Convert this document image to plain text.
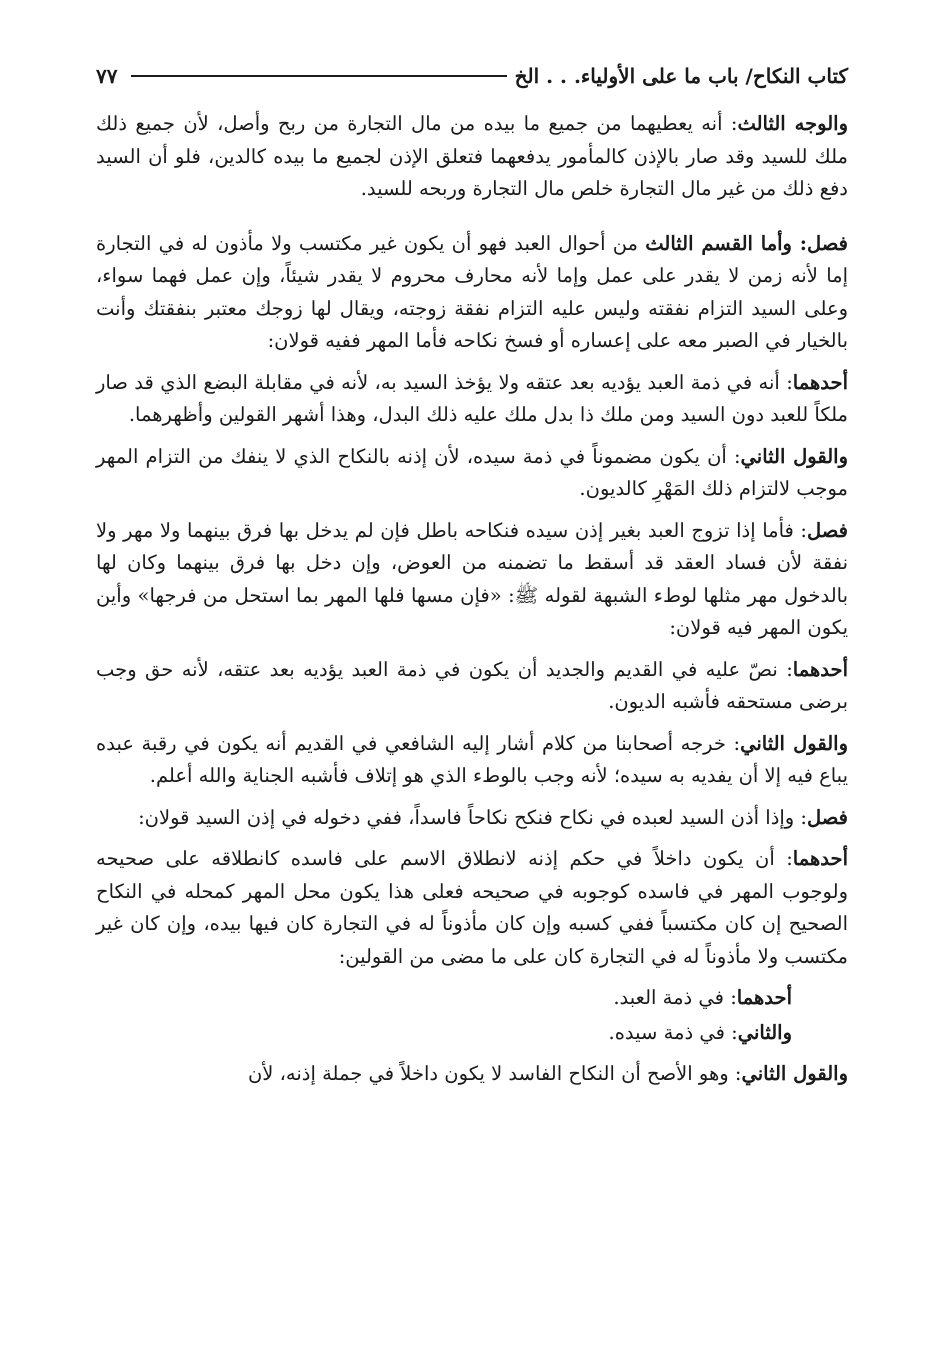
كتاب النكاح/ باب ما على الأولياء. . . الخ
٧٧

والوجه الثالث: أنه يعطيهما من جميع ما بيده من مال التجارة من ربح وأصل، لأن جميع ذلك ملك للسيد وقد صار بالإذن كالمأمور يدفعهما فتعلق الإذن لجميع ما بيده كالدين، فلو أن السيد دفع ذلك من غير مال التجارة خلص مال التجارة وربحه للسيد.

فصل: وأما القسم الثالث من أحوال العبد فهو أن يكون غير مكتسب ولا مأذون له في التجارة إما لأنه زمن لا يقدر على عمل وإما لأنه محارف محروم لا يقدر شيئاً، وإن عمل فهما سواء، وعلى السيد التزام نفقته وليس عليه التزام نفقة زوجته، ويقال لها زوجك معتبر بنفقتك وأنت بالخيار في الصبر معه على إعساره أو فسخ نكاحه فأما المهر ففيه قولان:

أحدهما: أنه في ذمة العبد يؤديه بعد عتقه ولا يؤخذ السيد به، لأنه في مقابلة البضع الذي قد صار ملكاً للعبد دون السيد ومن ملك ذا بدل ملك عليه ذلك البدل، وهذا أشهر القولين وأظهرهما.

والقول الثاني: أن يكون مضموناً في ذمة سيده، لأن إذنه بالنكاح الذي لا ينفك من التزام المهر موجب لالتزام ذلك المَهْرِ كالديون.

فصل: فأما إذا تزوج العبد بغير إذن سيده فنكاحه باطل فإن لم يدخل بها فرق بينهما ولا مهر ولا نفقة لأن فساد العقد قد أسقط ما تضمنه من العوض، وإن دخل بها فرق بينهما وكان لها بالدخول مهر مثلها لوطء الشبهة لقوله ﷺ: «فإن مسها فلها المهر بما استحل من فرجها» وأين يكون المهر فيه قولان:

أحدهما: نصّ عليه في القديم والجديد أن يكون في ذمة العبد يؤديه بعد عتقه، لأنه حق وجب برضى مستحقه فأشبه الديون.

والقول الثاني: خرجه أصحابنا من كلام أشار إليه الشافعي في القديم أنه يكون في رقبة عبده يباع فيه إلا أن يفديه به سيده؛ لأنه وجب بالوطء الذي هو إتلاف فأشبه الجناية والله أعلم.

فصل: وإذا أذن السيد لعبده في نكاح فنكح نكاحاً فاسداً، ففي دخوله في إذن السيد قولان:

أحدهما: أن يكون داخلاً في حكم إذنه لانطلاق الاسم على فاسده كانطلاقه على صحيحه ولوجوب المهر في فاسده كوجوبه في صحيحه فعلى هذا يكون محل المهر كمحله في النكاح الصحيح إن كان مكتسباً ففي كسبه وإن كان مأذوناً له في التجارة كان فيها بيده، وإن كان غير مكتسب ولا مأذوناً له في التجارة كان على ما مضى من القولين:

أحدهما: في ذمة العبد.

والثاني: في ذمة سيده.

والقول الثاني: وهو الأصح أن النكاح الفاسد لا يكون داخلاً في جملة إذنه، لأن
